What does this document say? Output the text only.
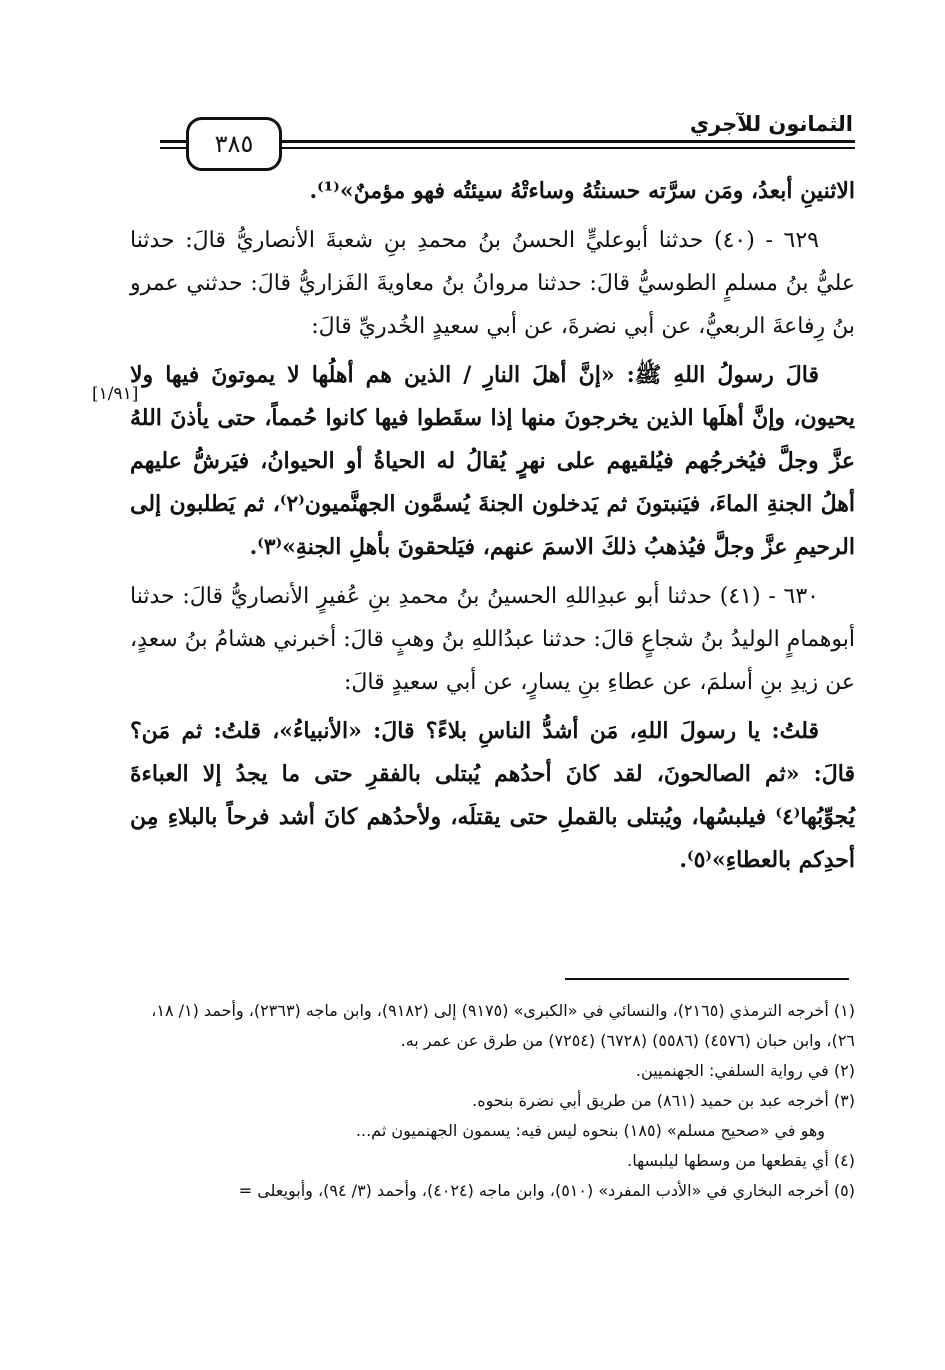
الثمانون للآجري
٣٨٥
[١/٩١]

الاثنينِ أبعدُ، ومَن سرَّته حسنتُهُ وساءتْهُ سيئتُه فهو مؤمنٌ»⁽¹⁾.

٦٢٩ - (٤٠) حدثنا أبوعليٍّ الحسنُ بنُ محمدِ بنِ شعبةَ الأنصاريُّ قالَ: حدثنا عليُّ بنُ مسلمٍ الطوسيُّ قالَ: حدثنا مروانُ بنُ معاويةَ الفَزاريُّ قالَ: حدثني عمرو بنُ رِفاعةَ الربعيُّ، عن أبي نضرةَ، عن أبي سعيدٍ الخُدريِّ قالَ:

قالَ رسولُ اللهِ ﷺ: «إنَّ أهلَ النارِ / الذين هم أهلُها لا يموتونَ فيها ولا يحيون، وإنَّ أهلَها الذين يخرجونَ منها إذا سقَطوا فيها كانوا حُمماً، حتى يأذنَ اللهُ عزَّ وجلَّ فيُخرجُهم فيُلقيهم على نهرٍ يُقالُ له الحياةُ أو الحيوانُ، فيَرشُّ عليهم أهلُ الجنةِ الماءَ، فيَنبتونَ ثم يَدخلون الجنةَ يُسمَّون الجهنَّميون⁽٢⁾، ثم يَطلبون إلى الرحيمِ عزَّ وجلَّ فيُذهبُ ذلكَ الاسمَ عنهم، فيَلحقونَ بأهلِ الجنةِ»⁽٣⁾.

٦٣٠ - (٤١) حدثنا أبو عبدِاللهِ الحسينُ بنُ محمدِ بنِ عُفيرٍ الأنصاريُّ قالَ: حدثنا أبوهمامٍ الوليدُ بنُ شجاعٍ قالَ: حدثنا عبدُاللهِ بنُ وهبٍ قالَ: أخبرني هشامُ بنُ سعدٍ، عن زيدِ بنِ أسلمَ، عن عطاءِ بنِ يسارٍ، عن أبي سعيدٍ قالَ:

قلتُ: يا رسولَ اللهِ، مَن أشدُّ الناسِ بلاءً؟ قالَ: «الأنبياءُ»، قلتُ: ثم مَن؟ قالَ: «ثم الصالحونَ، لقد كانَ أحدُهم يُبتلى بالفقرِ حتى ما يجدُ إلا العباءةَ يُجوِّبُها⁽٤⁾ فيلبسُها، ويُبتلى بالقملِ حتى يقتلَه، ولأحدُهم كانَ أشد فرحاً بالبلاءِ مِن أحدِكم بالعطاءِ»⁽٥⁾.

(١) أخرجه الترمذي (٢١٦٥)، والنسائي في «الكبرى» (٩١٧٥) إلى (٩١٨٢)، وابن ماجه (٢٣٦٣)، وأحمد (١/ ١٨، ٢٦)، وابن حبان (٤٥٧٦) (٥٥٨٦) (٦٧٢٨) (٧٢٥٤) من طرق عن عمر به.

(٢) في رواية السلفي: الجهنميين.

(٣) أخرجه عبد بن حميد (٨٦١) من طريق أبي نضرة بنحوه.

وهو في «صحيح مسلم» (١٨٥) بنحوه ليس فيه: يسمون الجهنميون ثم...

(٤) أي يقطعها من وسطها ليلبسها.

(٥) أخرجه البخاري في «الأدب المفرد» (٥١٠)، وابن ماجه (٤٠٢٤)، وأحمد (٣/ ٩٤)، وأبويعلى =
